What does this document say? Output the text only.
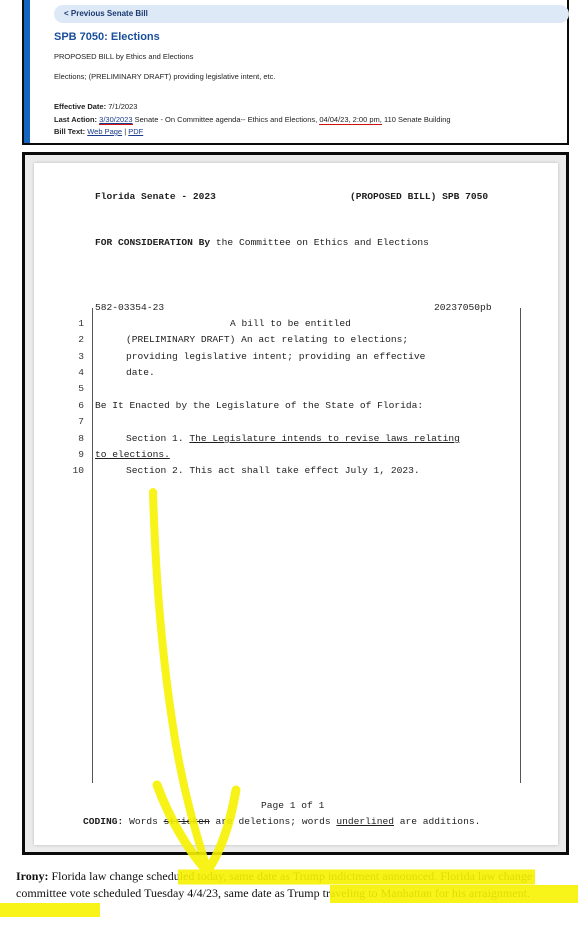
< Previous Senate Bill
SPB 7050: Elections
PROPOSED BILL by Ethics and Elections
Elections; (PRELIMINARY DRAFT) providing legislative intent, etc.
Effective Date: 7/1/2023
Last Action: 3/30/2023 Senate - On Committee agenda-- Ethics and Elections, 04/04/23, 2:00 pm, 110 Senate Building
Bill Text: Web Page | PDF
Florida Senate - 2023	(PROPOSED BILL) SPB 7050
FOR CONSIDERATION By the Committee on Ethics and Elections
582-03354-23	20237050pb
1	A bill to be entitled
2	(PRELIMINARY DRAFT) An act relating to elections;
3	providing legislative intent; providing an effective
4	date.
5
6 Be It Enacted by the Legislature of the State of Florida:
7
8	Section 1. The Legislature intends to revise laws relating
9 to elections.
10	Section 2. This act shall take effect July 1, 2023.
Page 1 of 1
CODING: Words stricken are deletions; words underlined are additions.
Irony: Florida law change scheduled today, same date as Trump indictment announced. Florida law change committee vote scheduled Tuesday 4/4/23, same date as Trump traveling to Manhattan for his arraignment.
